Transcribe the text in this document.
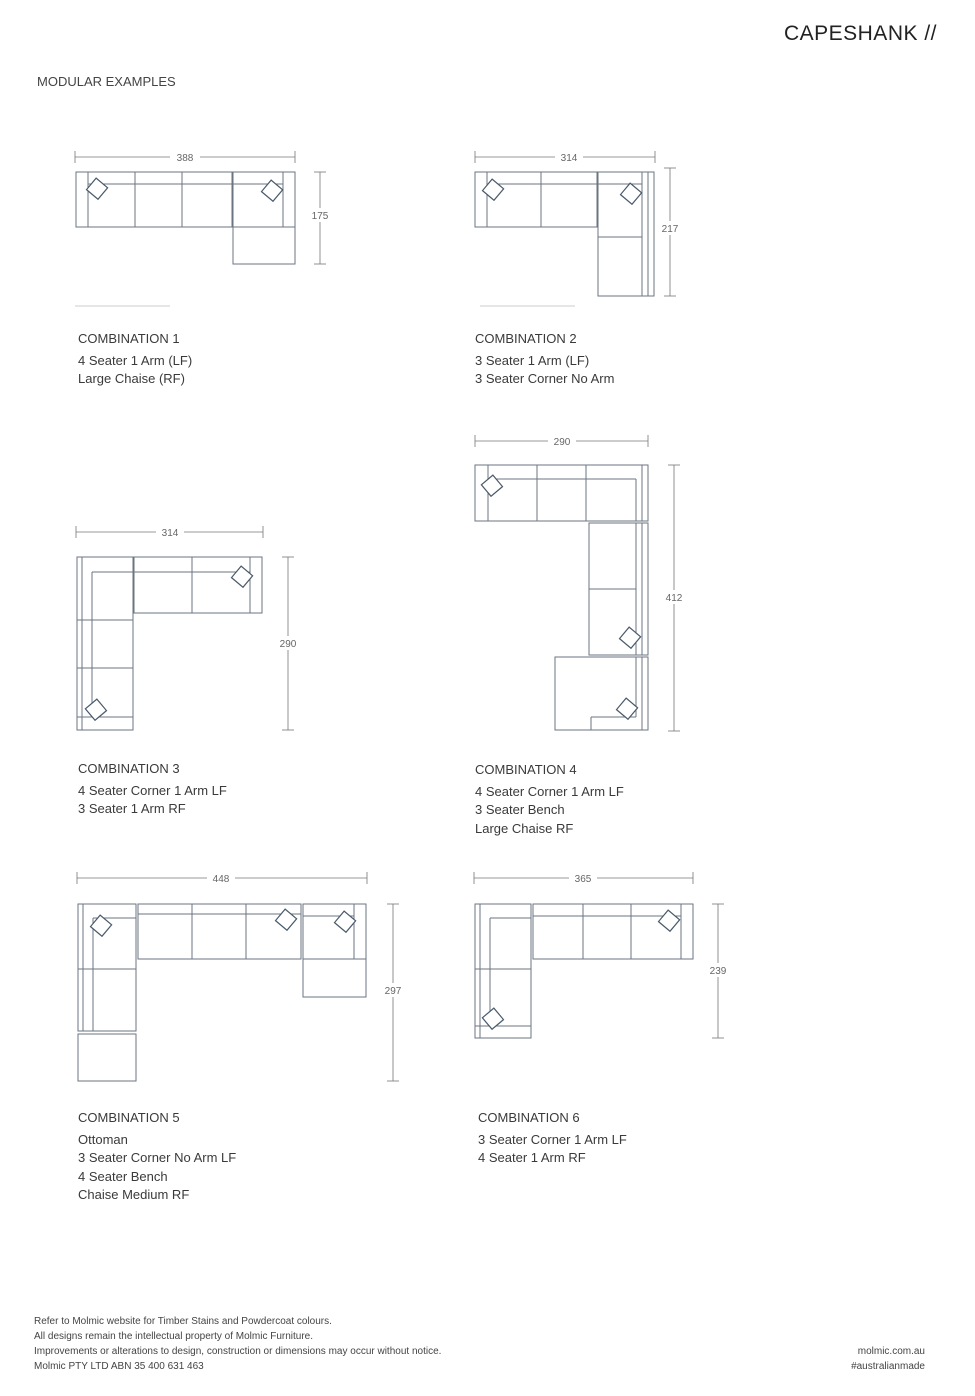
CAPESHANK //
MODULAR EXAMPLES
388
175
314
217
314
290
290
412
448
297
365
239
COMBINATION 1
4 Seater 1 Arm (LF)
Large Chaise (RF)
COMBINATION 2
3 Seater 1 Arm (LF)
3 Seater Corner No Arm
COMBINATION 3
4 Seater Corner 1 Arm LF
3 Seater 1 Arm RF
COMBINATION 4
4 Seater Corner 1 Arm LF
3 Seater Bench
Large Chaise RF
COMBINATION 5
Ottoman
3 Seater Corner No Arm LF
4 Seater Bench
Chaise Medium RF
COMBINATION 6
3 Seater Corner 1 Arm LF
4 Seater 1 Arm RF
Refer to Molmic website for Timber Stains and Powdercoat colours.
All designs remain the intellectual property of Molmic Furniture.
Improvements or alterations to design, construction or dimensions may occur without notice.
Molmic PTY LTD ABN 35 400 631 463
molmic.com.au
#australianmade
